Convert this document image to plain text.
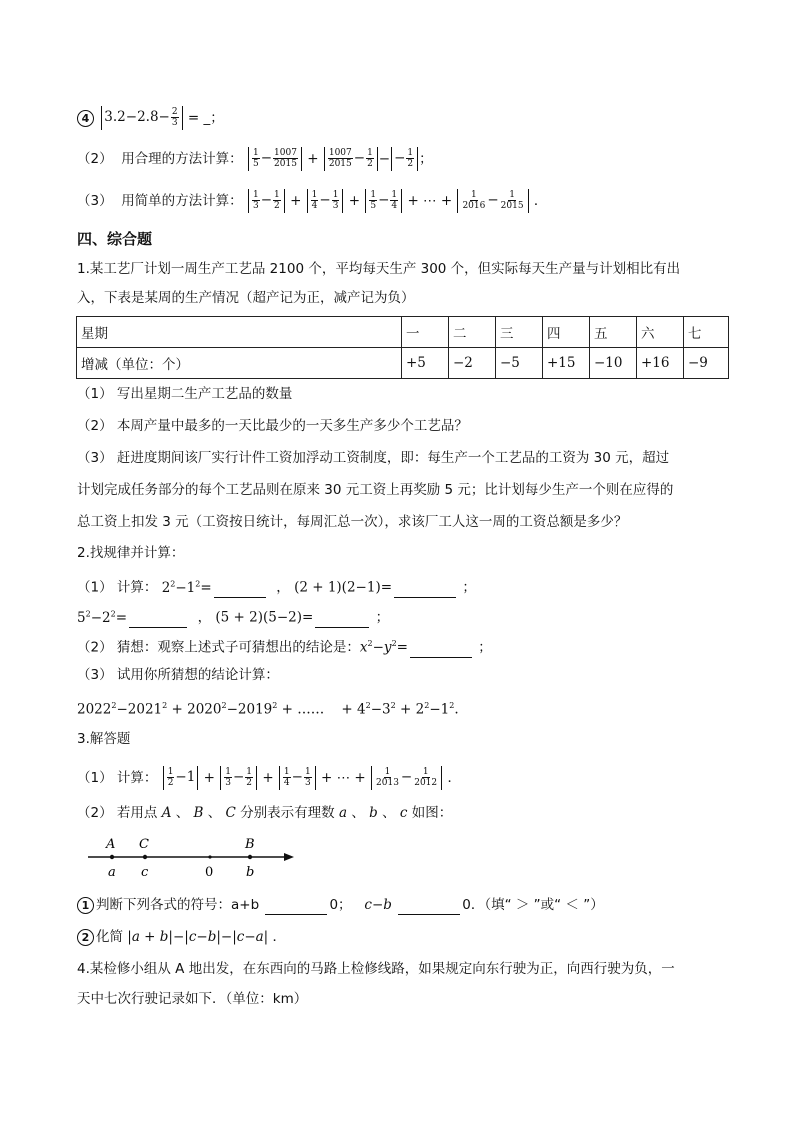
4 $3.2-2.8- \frac{2}{3}$ = _；
（2） 用合理的方法计算： $\frac{1}{5} - \frac{1007}{2015} + \frac{1007}{2015} - \frac{1}{2}$ − − $\frac{1}{2}$ ；
（3） 用简单的方法计算： $\frac{1}{3} - \frac{1}{2} + \frac{1}{4} - \frac{1}{3} + \frac{1}{5} - \frac{1}{4}$ + ⋯ + $\frac{1}{2016} - \frac{1}{2015}$ ．
四、综合题
1.某工艺厂计划一周生产工艺品 2100 个，平均每天生产 300 个，但实际每天生产量与计划相比有出
入，下表是某周的生产情况（超产记为正，减产记为负）
星期	一	二	三	四	五	六	七
增减（单位：个）	+5	−2	−5	+15	−10	+16	−9
（1） 写出星期二生产工艺品的数量
（2） 本周产量中最多的一天比最少的一天多生产多少个工艺品？
（3） 赶进度期间该厂实行计件工资加浮动工资制度，即：每生产一个工艺品的工资为 30 元，超过
计划完成任务部分的每个工艺品则在原来 30 元工资上再奖励 5 元；比计划每少生产一个则在应得的
总工资上扣发 3 元（工资按日统计，每周汇总一次），求该厂工人这一周的工资总额是多少？
2.找规律并计算：
（1） 计算： $2^2-1^2=$	， (2 + 1)(2−1)=	；
$5^2-2^2=$	， (5 + 2)(5−2)=	；
（2） 猜想：观察上述式子可猜想出的结论是：$x^2-y^2=$	；
（3） 试用你所猜想的结论计算：
$2022^2-2021^2 + 2020^2-2019^2$ + ……    + $4^2-3^2 + 2^2-1^2$.
3.解答题
（1） 计算： $\frac{1}{2} -1 + \frac{1}{3} - \frac{1}{2} + \frac{1}{4} - \frac{1}{3}$ + ⋯ + $\frac{1}{2013} - \frac{1}{2012}$ ．
（2） 若用点 A 、 B 、 C 分别表示有理数 a 、 b 、 c 如图：
A C	B
a c	0	b
1 判断下列各式的符号：a+b	0； c−b	0．（填“ ＞ ”或“ ＜ ”）
2 化简 |a + b|−|c−b|−|c−a| ．
4.某检修小组从 A 地出发，在东西向的马路上检修线路，如果规定向东行驶为正，向西行驶为负，一
天中七次行驶记录如下．（单位：km）
